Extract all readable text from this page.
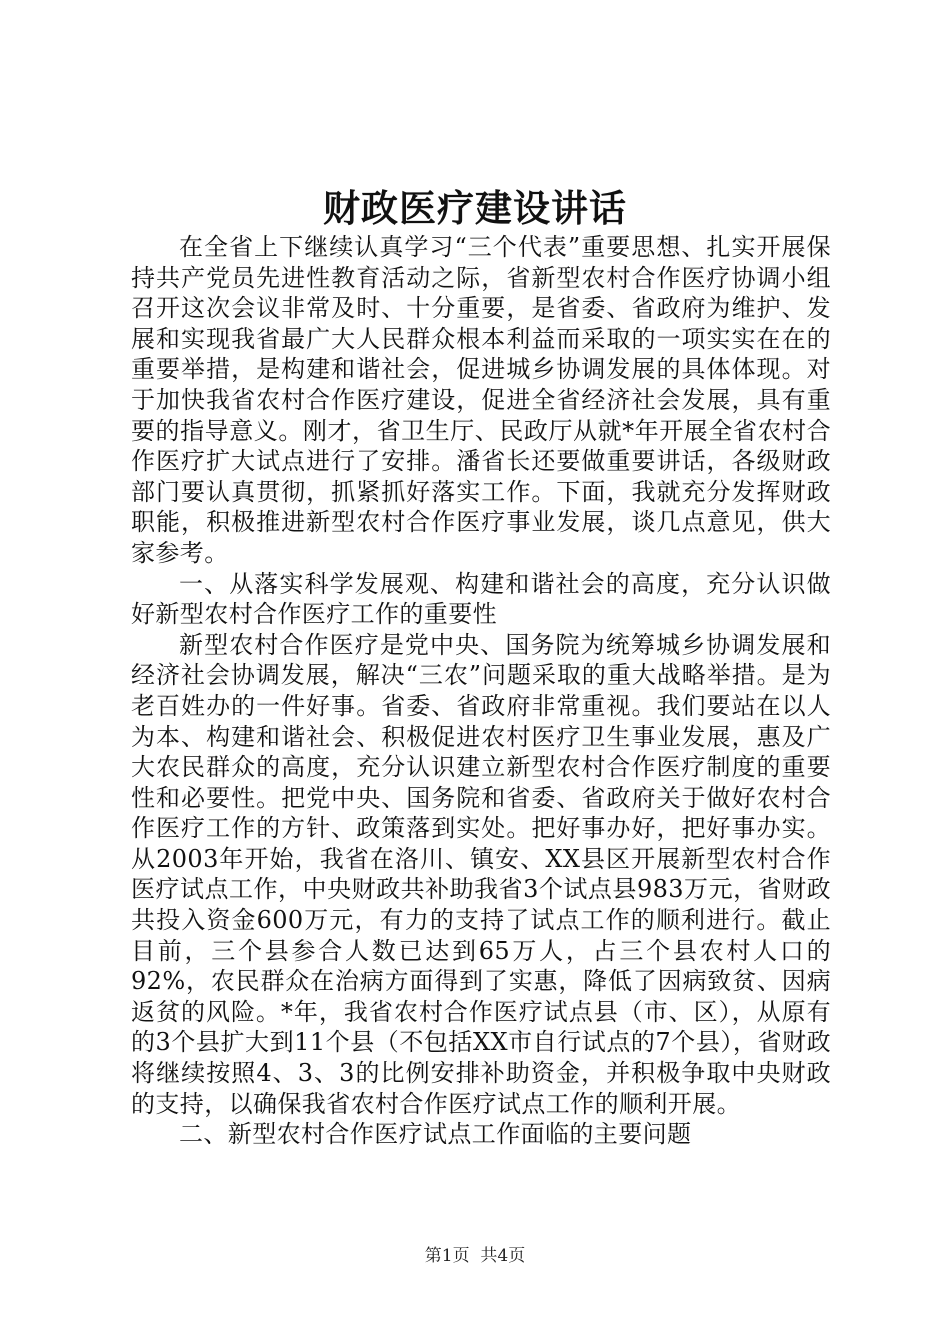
财政医疗建设讲话

在全省上下继续认真学习“三个代表”重要思想、扎实开展保持共产党员先进性教育活动之际，省新型农村合作医疗协调小组召开这次会议非常及时、十分重要，是省委、省政府为维护、发展和实现我省最广大人民群众根本利益而采取的一项实实在在的重要举措，是构建和谐社会，促进城乡协调发展的具体体现。对于加快我省农村合作医疗建设，促进全省经济社会发展，具有重要的指导意义。刚才，省卫生厅、民政厅从就*年开展全省农村合作医疗扩大试点进行了安排。潘省长还要做重要讲话，各级财政部门要认真贯彻，抓紧抓好落实工作。下面，我就充分发挥财政职能，积极推进新型农村合作医疗事业发展，谈几点意见，供大家参考。

一、从落实科学发展观、构建和谐社会的高度，充分认识做好新型农村合作医疗工作的重要性

新型农村合作医疗是党中央、国务院为统筹城乡协调发展和经济社会协调发展，解决“三农”问题采取的重大战略举措。是为老百姓办的一件好事。省委、省政府非常重视。我们要站在以人为本、构建和谐社会、积极促进农村医疗卫生事业发展，惠及广大农民群众的高度，充分认识建立新型农村合作医疗制度的重要性和必要性。把党中央、国务院和省委、省政府关于做好农村合作医疗工作的方针、政策落到实处。把好事办好，把好事办实。从2003年开始，我省在洛川、镇安、XX县区开展新型农村合作医疗试点工作，中央财政共补助我省3个试点县983万元，省财政共投入资金600万元，有力的支持了试点工作的顺利进行。截止目前，三个县参合人数已达到65万人，占三个县农村人口的92%，农民群众在治病方面得到了实惠，降低了因病致贫、因病返贫的风险。*年，我省农村合作医疗试点县（市、区），从原有的3个县扩大到11个县（不包括XX市自行试点的7个县），省财政将继续按照4、3、3的比例安排补助资金，并积极争取中央财政的支持，以确保我省农村合作医疗试点工作的顺利开展。

二、新型农村合作医疗试点工作面临的主要问题

第1页 共4页
